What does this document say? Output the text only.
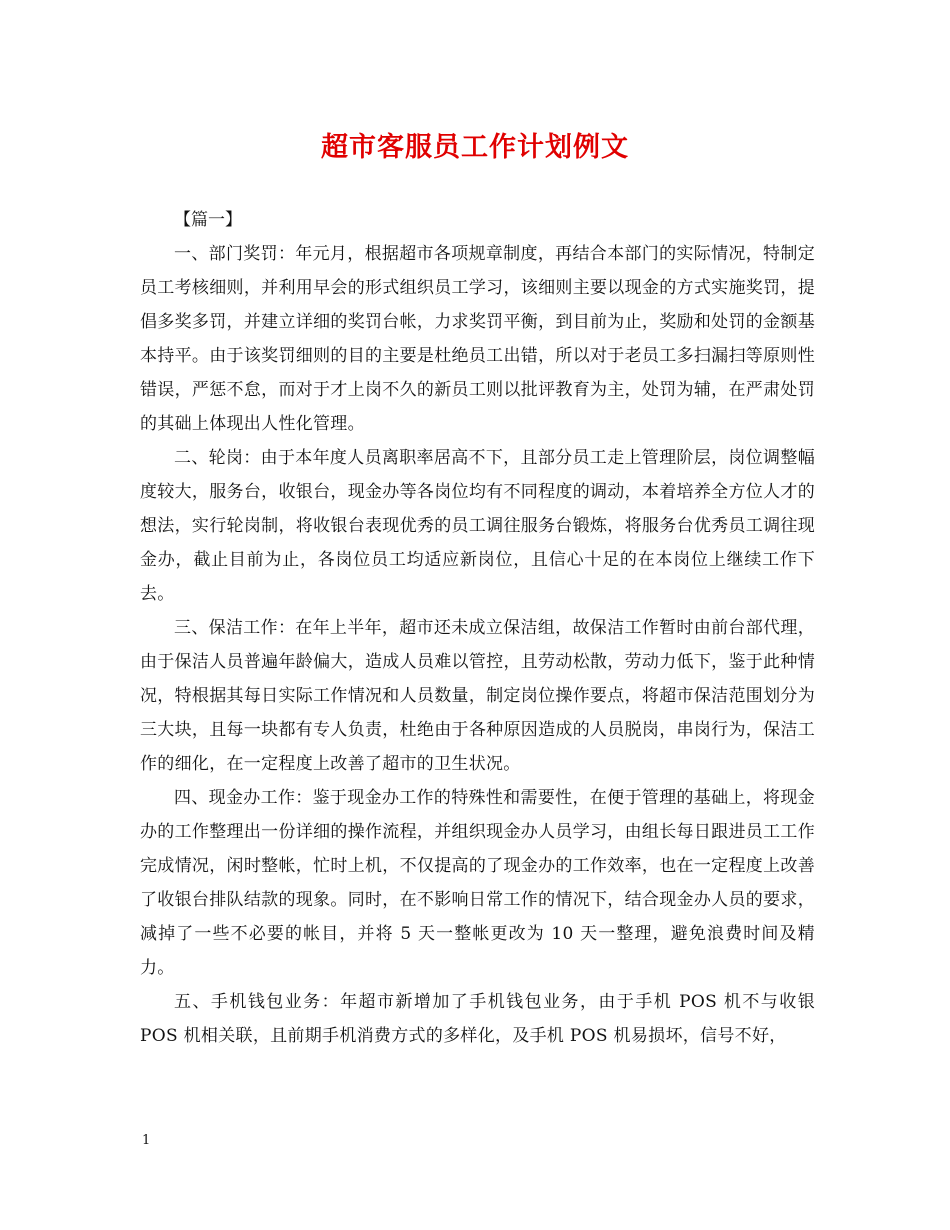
超市客服员工作计划例文

【篇一】

一、部门奖罚：年元月，根据超市各项规章制度，再结合本部门的实际情况，特制定员工考核细则，并利用早会的形式组织员工学习，该细则主要以现金的方式实施奖罚，提倡多奖多罚，并建立详细的奖罚台帐，力求奖罚平衡，到目前为止，奖励和处罚的金额基本持平。由于该奖罚细则的目的主要是杜绝员工出错，所以对于老员工多扫漏扫等原则性错误，严惩不怠，而对于才上岗不久的新员工则以批评教育为主，处罚为辅，在严肃处罚的其础上体现出人性化管理。

二、轮岗：由于本年度人员离职率居高不下，且部分员工走上管理阶层，岗位调整幅度较大，服务台，收银台，现金办等各岗位均有不同程度的调动，本着培养全方位人才的想法，实行轮岗制，将收银台表现优秀的员工调往服务台锻炼，将服务台优秀员工调往现金办，截止目前为止，各岗位员工均适应新岗位，且信心十足的在本岗位上继续工作下去。

三、保洁工作：在年上半年，超市还未成立保洁组，故保洁工作暂时由前台部代理，由于保洁人员普遍年龄偏大，造成人员难以管控，且劳动松散，劳动力低下，鉴于此种情况，特根据其每日实际工作情况和人员数量，制定岗位操作要点，将超市保洁范围划分为三大块，且每一块都有专人负责，杜绝由于各种原因造成的人员脱岗，串岗行为，保洁工作的细化，在一定程度上改善了超市的卫生状况。

四、现金办工作：鉴于现金办工作的特殊性和需要性，在便于管理的基础上，将现金办的工作整理出一份详细的操作流程，并组织现金办人员学习，由组长每日跟进员工工作完成情况，闲时整帐，忙时上机，不仅提高的了现金办的工作效率，也在一定程度上改善了收银台排队结款的现象。同时，在不影响日常工作的情况下，结合现金办人员的要求，减掉了一些不必要的帐目，并将 5 天一整帐更改为 10 天一整理，避免浪费时间及精力。

五、手机钱包业务：年超市新增加了手机钱包业务，由于手机 POS 机不与收银 POS 机相关联，且前期手机消费方式的多样化，及手机 POS 机易损坏，信号不好，

1
